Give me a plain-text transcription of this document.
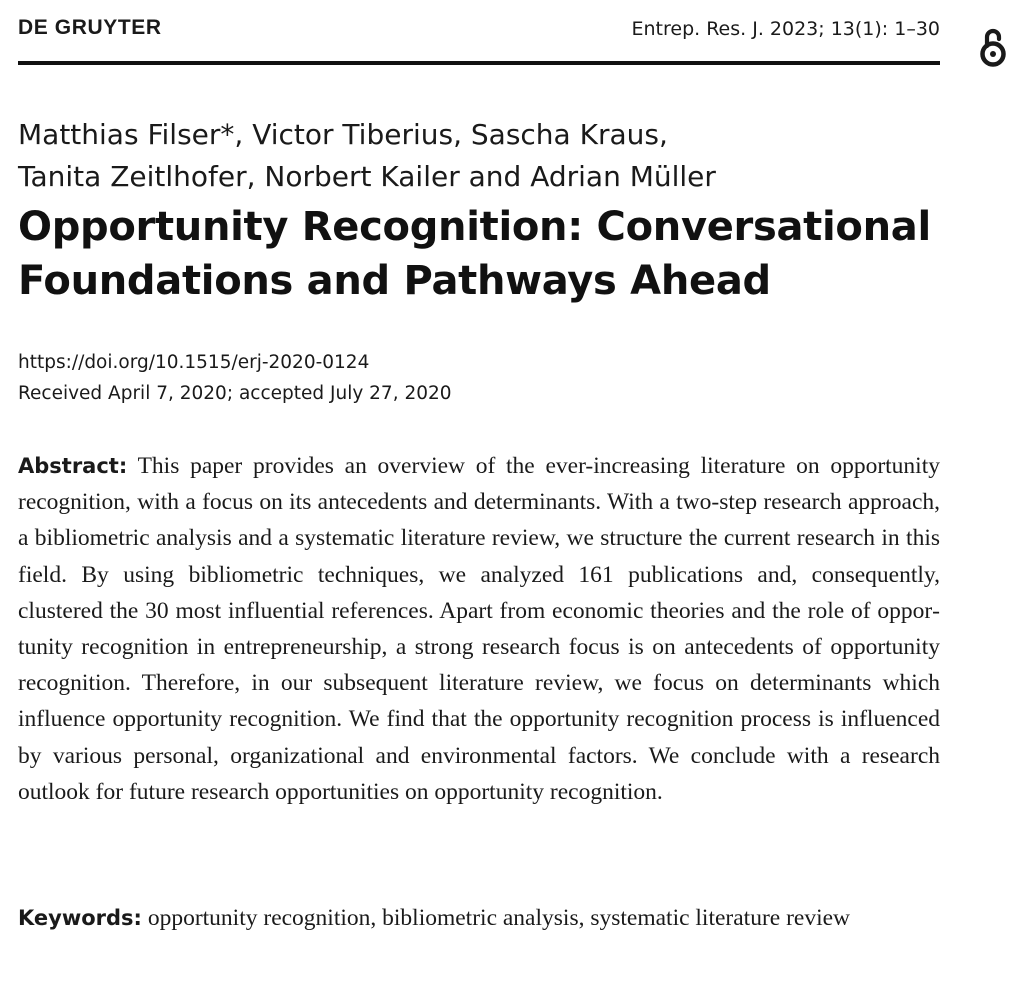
DE GRUYTER	Entrep. Res. J. 2023; 13(1): 1–30

Matthias Filser*, Victor Tiberius, Sascha Kraus,
Tanita Zeitlhofer, Norbert Kailer and Adrian Müller

Opportunity Recognition: Conversational
Foundations and Pathways Ahead
https://doi.org/10.1515/erj-2020-0124
Received April 7, 2020; accepted July 27, 2020

Abstract: This paper provides an overview of the ever-increasing literature on opportunity recognition, with a focus on its antecedents and determinants. With a two-step research approach, a bibliometric analysis and a systematic literature review, we structure the current research in this field. By using bibliometric techniques, we analyzed 161 publications and, consequently, clustered the 30 most influential references. Apart from economic theories and the role of opportunity recognition in entrepreneurship, a strong research focus is on antecedents of opportunity recognition. Therefore, in our subsequent literature review, we focus on determinants which influence opportunity recognition. We find that the opportunity recognition process is influenced by various personal, organizational and environmental factors. We conclude with a research outlook for future research opportunities on opportunity recognition.

Keywords: opportunity recognition, bibliometric analysis, systematic literature review
